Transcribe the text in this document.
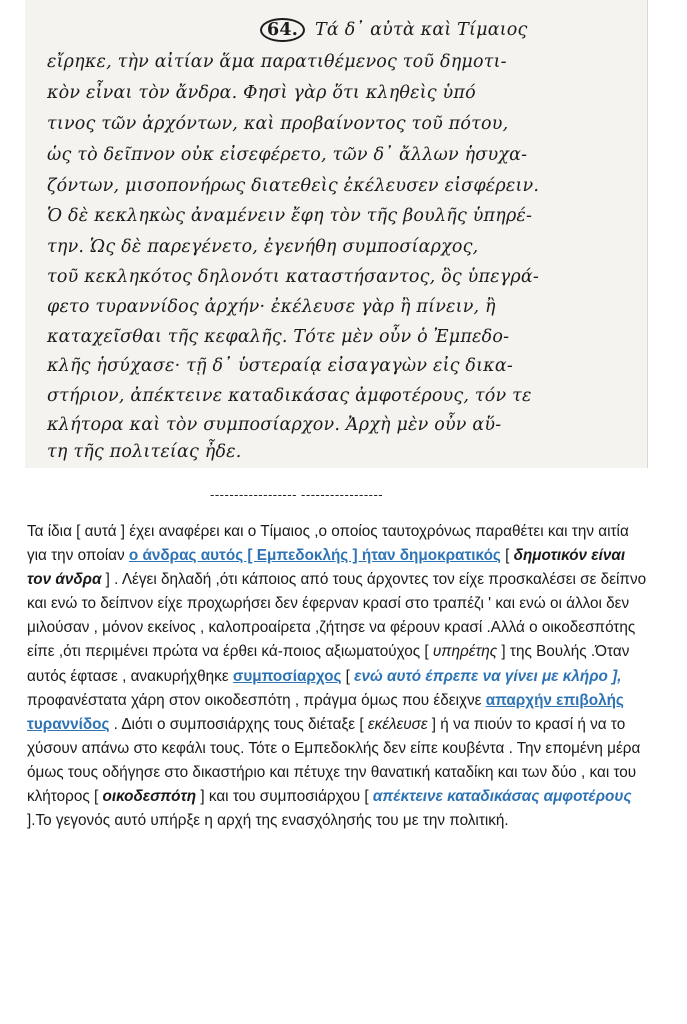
64. Τά δ᾽ αὐτὰ καὶ Τίμαιος
εἴρηκε, τὴν αἰτίαν ἅμα παρατιθέμενος τοῦ δημοτι-
κὸν εἶναι τὸν ἄνδρα. Φησὶ γὰρ ὅτι κληθεὶς ὑπό
τινος τῶν ἀρχόντων, καὶ προβαίνοντος τοῦ πότου,
ὡς τὸ δεῖπνον οὐκ εἰσεφέρετο, τῶν δ᾽ ἄλλων ἡσυχα-
ζόντων, μισοπονήρως διατεθεὶς ἐκέλευσεν εἰσφέρειν.
Ὁ δὲ κεκληκὼς ἀναμένειν ἔφη τὸν τῆς βουλῆς ὑπηρέ-
την. Ὡς δὲ παρεγένετο, ἐγενήθη συμποσίαρχος,
τοῦ κεκληκότος δηλονότι καταστήσαντος, ὃς ὑπεγρά-
φετο τυραννίδος ἀρχήν· ἐκέλευσε γὰρ ἢ πίνειν, ἢ
καταχεῖσθαι τῆς κεφαλῆς. Τότε μὲν οὖν ὁ Ἐμπεδο-
κλῆς ἡσύχασε· τῇ δ᾽ ὑστεραίᾳ εἰσαγαγὼν εἰς δικα-
στήριον, ἀπέκτεινε καταδικάσας ἀμφοτέρους, τόν τε
κλήτορα καὶ τὸν συμποσίαρχον. Ἀρχὴ μὲν οὖν αὕ-
τη τῆς πολιτείας ἦδε.
------------------ -----------------

Τα ίδια [ αυτά ] έχει αναφέρει και ο Τίμαιος ,ο οποίος ταυτοχρόνως παραθέτει και την αιτία για την οποίαν ο άνδρας αυτός [ Εμπεδοκλής ] ήταν δημοκρατικός [ δημοτικόν είναι τον άνδρα ] . Λέγει δηλαδή ,ότι κάποιος από τους άρχοντες τον είχε προσκαλέσει σε δείπνο και ενώ το δείπνον είχε προχωρήσει δεν έφερναν κρασί στο τραπέζι ' και ενώ οι άλλοι δεν μιλούσαν , μόνον εκείνος , καλοπροαίρετα ,ζήτησε να φέρουν κρασί .Αλλά ο οικοδεσπότης είπε ,ότι περιμένει πρώτα να έρθει κά-ποιος αξιωματούχος [ υπηρέτης ] της Βουλής .Όταν αυτός έφτασε , ανακυρήχθηκε συμποσίαρχος [ ενώ αυτό έπρεπε να γίνει με κλήρο ], προφανέστατα χάρη στον οικοδεσπότη , πράγμα όμως που έδειχνε απαρχήν επιβολής τυραννίδος . Διότι ο συμποσιάρχης τους διέταξε [ εκέλευσε ] ή να πιούν το κρασί ή να το χύσουν απάνω στο κεφάλι τους. Τότε ο Εμπεδοκλής δεν είπε κουβέντα . Την επομένη μέρα όμως τους οδήγησε στο δικαστήριο και πέτυχε την θανατική καταδίκη και των δύο , και του κλήτορος [ οικοδεσπότη ] και του συμποσιάρχου [ απέκτεινε καταδικάσας αμφοτέρους ].Το γεγονός αυτό υπήρξε η αρχή της ενασχόλησής του με την πολιτική.
